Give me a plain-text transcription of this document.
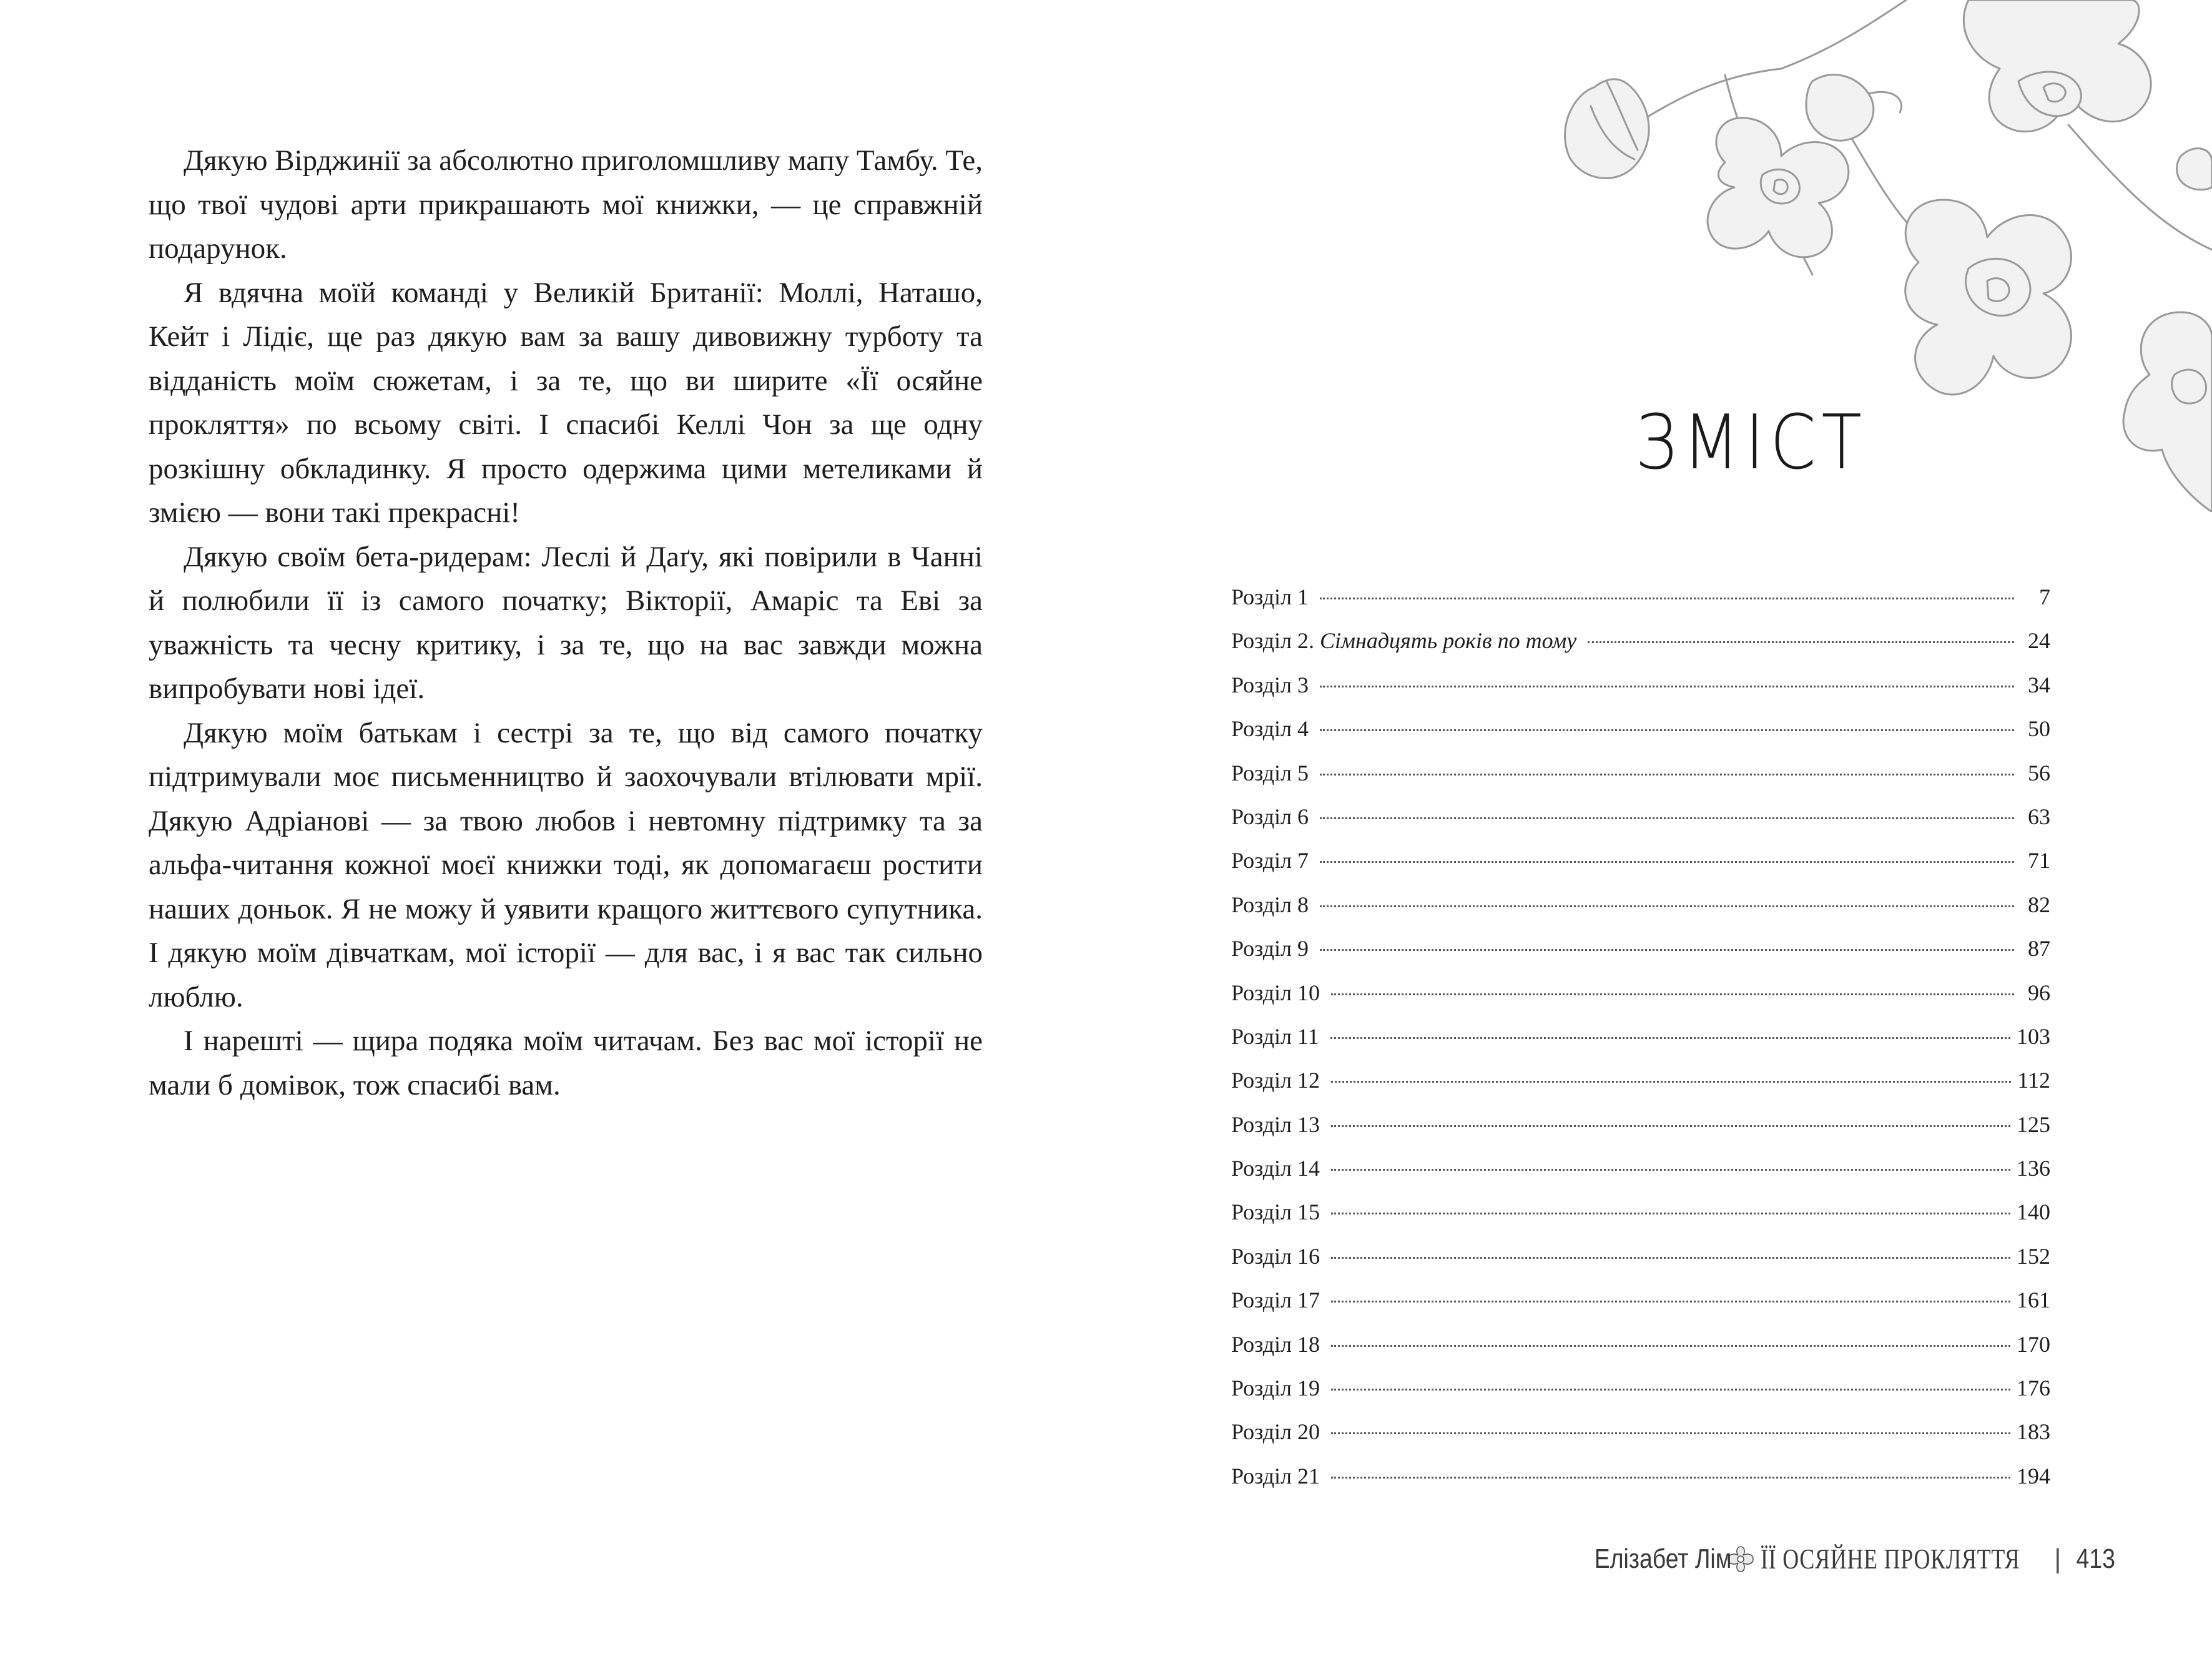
Дякую Вірджинії за абсолютно приголомшливу мапу Тамбу. Те, що твої чудові арти прикрашають мої книжки, — це справжній подарунок.

Я вдячна моїй команді у Великій Британії: Моллі, Наташо, Кейт і Лідіє, ще раз дякую вам за вашу дивовижну турботу та відданість моїм сюжетам, і за те, що ви ширите «Її осяйне прокляття» по всьому світі. І спасибі Келлі Чон за ще одну розкішну обкладинку. Я просто одержима цими метеликами й змією — вони такі прекрасні!

Дякую своїм бета-ридерам: Леслі й Даґу, які повірили в Чанні й полюбили її із самого початку; Вікторії, Амаріс та Еві за уважність та чесну критику, і за те, що на вас завжди можна випробувати нові ідеї.

Дякую моїм батькам і сестрі за те, що від самого початку підтримували моє письменництво й заохочували втілювати мрії. Дякую Адріанові — за твою любов і невтомну підтримку та за альфа-читання кожної моєї книжки тоді, як допомагаєш ростити наших доньок. Я не можу й уявити кращого життєвого супутника. І дякую моїм дівчаткам, мої історії — для вас, і я вас так сильно люблю.

І нарешті — щира подяка моїм читачам. Без вас мої історії не мали б домівок, тож спасибі вам.

ЗМІСТ
Розділ 1	7
Розділ 2. Сімнадцять років по тому	24
Розділ 3	34
Розділ 4	50
Розділ 5	56
Розділ 6	63
Розділ 7	71
Розділ 8	82
Розділ 9	87
Розділ 10	96
Розділ 11	103
Розділ 12	112
Розділ 13	125
Розділ 14	136
Розділ 15	140
Розділ 16	152
Розділ 17	161
Розділ 18	170
Розділ 19	176
Розділ 20	183
Розділ 21	194
Елізабет Лім ЇЇ ОСЯЙНЕ ПРОКЛЯТТЯ | 413
